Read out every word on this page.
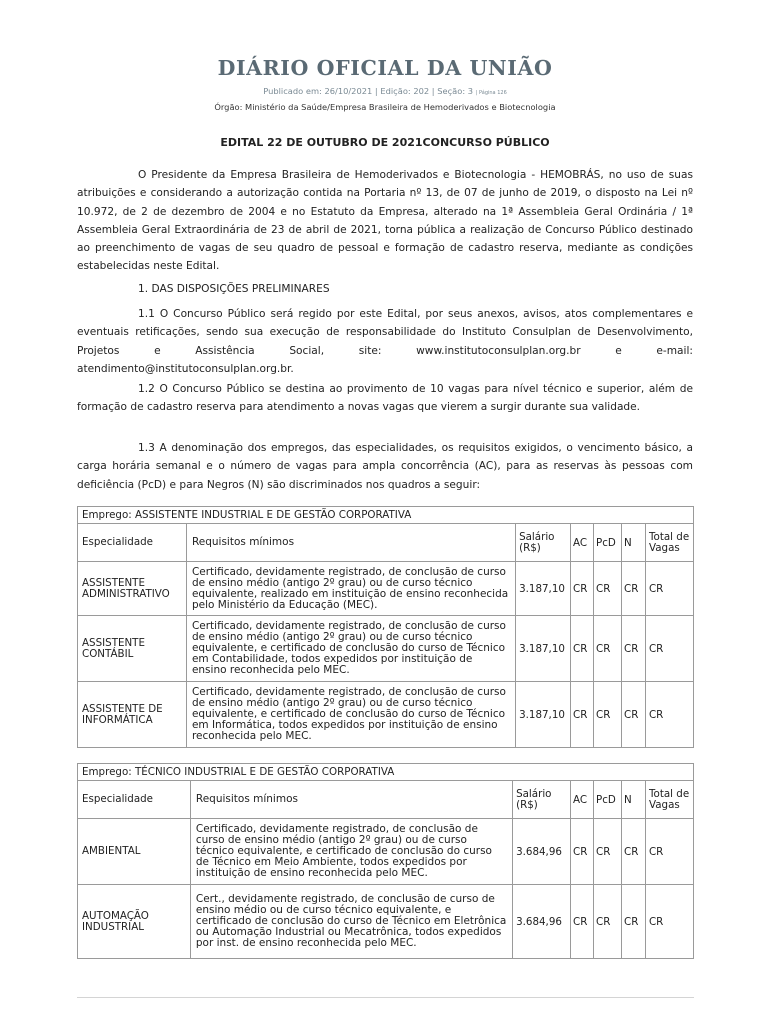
DIÁRIO OFICIAL DA UNIÃO
Publicado em: 26/10/2021 | Edição: 202 | Seção: 3 | Página 126
Órgão: Ministério da Saúde/Empresa Brasileira de Hemoderivados e Biotecnologia
EDITAL 22 DE OUTUBRO DE 2021CONCURSO PÚBLICO

O Presidente da Empresa Brasileira de Hemoderivados e Biotecnologia - HEMOBRÁS, no uso de suas atribuições e considerando a autorização contida na Portaria nº 13, de 07 de junho de 2019, o disposto na Lei nº 10.972, de 2 de dezembro de 2004 e no Estatuto da Empresa, alterado na 1ª Assembleia Geral Ordinária / 1ª Assembleia Geral Extraordinária de 23 de abril de 2021, torna pública a realização de Concurso Público destinado ao preenchimento de vagas de seu quadro de pessoal e formação de cadastro reserva, mediante as condições estabelecidas neste Edital.

1. DAS DISPOSIÇÕES PRELIMINARES

1.1 O Concurso Público será regido por este Edital, por seus anexos, avisos, atos complementares e eventuais retificações, sendo sua execução de responsabilidade do Instituto Consulplan de Desenvolvimento, Projetos e Assistência Social, site: www.institutoconsulplan.org.br e e-mail: atendimento@institutoconsulplan.org.br.

1.2 O Concurso Público se destina ao provimento de 10 vagas para nível técnico e superior, além de formação de cadastro reserva para atendimento a novas vagas que vierem a surgir durante sua validade.

1.3 A denominação dos empregos, das especialidades, os requisitos exigidos, o vencimento básico, a carga horária semanal e o número de vagas para ampla concorrência (AC), para as reservas às pessoas com deficiência (PcD) e para Negros (N) são discriminados nos quadros a seguir:

Emprego: ASSISTENTE INDUSTRIAL E DE GESTÃO CORPORATIVA						
Especialidade	Requisitos mínimos	Salário (R$)	AC	PcD	N	Total de Vagas
ASSISTENTE ADMINISTRATIVO	Certificado, devidamente registrado, de conclusão de curso de ensino médio (antigo 2º grau) ou de curso técnico equivalente, realizado em instituição de ensino reconhecida pelo Ministério da Educação (MEC).	3.187,10	CR	CR	CR	CR
ASSISTENTE CONTÁBIL	Certificado, devidamente registrado, de conclusão de curso de ensino médio (antigo 2º grau) ou de curso técnico equivalente, e certificado de conclusão do curso de Técnico em Contabilidade, todos expedidos por instituição de ensino reconhecida pelo MEC.	3.187,10	CR	CR	CR	CR
ASSISTENTE DE INFORMÁTICA	Certificado, devidamente registrado, de conclusão de curso de ensino médio (antigo 2º grau) ou de curso técnico equivalente, e certificado de conclusão do curso de Técnico em Informática, todos expedidos por instituição de ensino reconhecida pelo MEC.	3.187,10	CR	CR	CR	CR
Emprego: TÉCNICO INDUSTRIAL E DE GESTÃO CORPORATIVA						
Especialidade	Requisitos mínimos	Salário (R$)	AC	PcD	N	Total de Vagas
AMBIENTAL	Certificado, devidamente registrado, de conclusão de curso de ensino médio (antigo 2º grau) ou de curso técnico equivalente, e certificado de conclusão do curso de Técnico em Meio Ambiente, todos expedidos por instituição de ensino reconhecida pelo MEC.	3.684,96	CR	CR	CR	CR
AUTOMAÇÃO INDUSTRIAL	Cert., devidamente registrado, de conclusão de curso de ensino médio ou de curso técnico equivalente, e certificado de conclusão do curso de Técnico em Eletrônica ou Automação Industrial ou Mecatrônica, todos expedidos por inst. de ensino reconhecida pelo MEC.	3.684,96	CR	CR	CR	CR
